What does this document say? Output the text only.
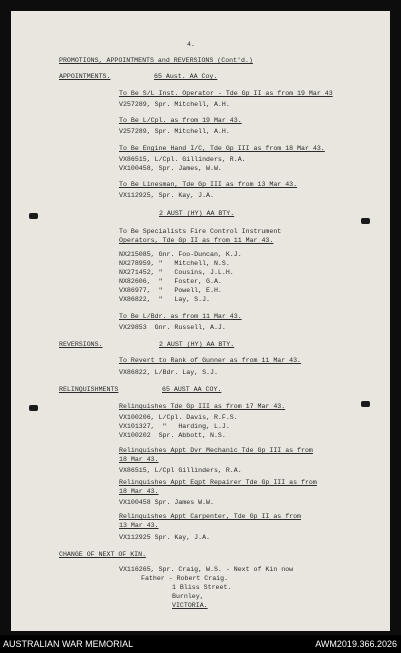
4.
PROMOTIONS, APPOINTMENTS and REVERSIONS (Cont'd.)
APPOINTMENTS.	65 Aust. AA Coy.
To Be S/L Inst. Operator - Tde Gp II as from 19 Mar 43
V257289, Spr. Mitchell, A.H.
To Be L/Cpl. as from 19 Mar 43.
V257289, Spr. Mitchell, A.H.
To Be Engine Hand I/C, Tde Gp III as from 18 Mar 43.
VX86515, L/Cpl. Gillinders, R.A.
VX100458, Spr. James, W.W.
To Be Linesman, Tde Gp III as from 13 Mar 43.
VX112925, Spr. Kay, J.A.
2 AUST (HY) AA BTY.
To Be Specialists Fire Control Instrument
Operators, Tde Gp II as from 11 Mar 43.
NX215085, Gnr. Foo-Duncan, K.J.
NX278959, "   Mitchell, N.S.
NX271452, "   Cousins, J.L.H.
NX82606,  "   Foster, G.A.
VX86977,  "   Powell, E.H.
VX86822,  "   Lay, S.J.
To Be L/Bdr. as from 11 Mar 43.
VX29853  Gnr. Russell, A.J.
REVERSIONS.	2 AUST (HY) AA BTY.
To Revert to Rank of Gunner as from 11 Mar 43.
VX86822, L/Bdr. Lay, S.J.
RELINQUISHMENTS	65 AUST AA COY.
Relinquishes Tde Gp III as from 17 Mar 43.
VX100206, L/Cpl. Davis, R.F.S.
VX101327,  "   Harding, L.J.
VX100202  Spr. Abbott, N.S.
Relinquishes Appt Dvr Mechanic Tde Gp III as from
18 Mar 43.
VX86515, L/Cpl Gillinders, R.A.
Relinquishes Appt Eqpt Repairer Tde Gp III as from
18 Mar 43.
VX100458 Spr. James W.W.
Relinquishes Appt Carpenter, Tde Gp II as from
13 Mar 43.
VX112925 Spr. Kay, J.A.
CHANGE OF NEXT OF KIN.
VX116265, Spr. Craig, W.S. - Next of Kin now
Father - Robert Craig.
1 Bliss Street.
Burnley,
VICTORIA.
AUSTRALIAN WAR MEMORIAL	AWM2019.366.2026
